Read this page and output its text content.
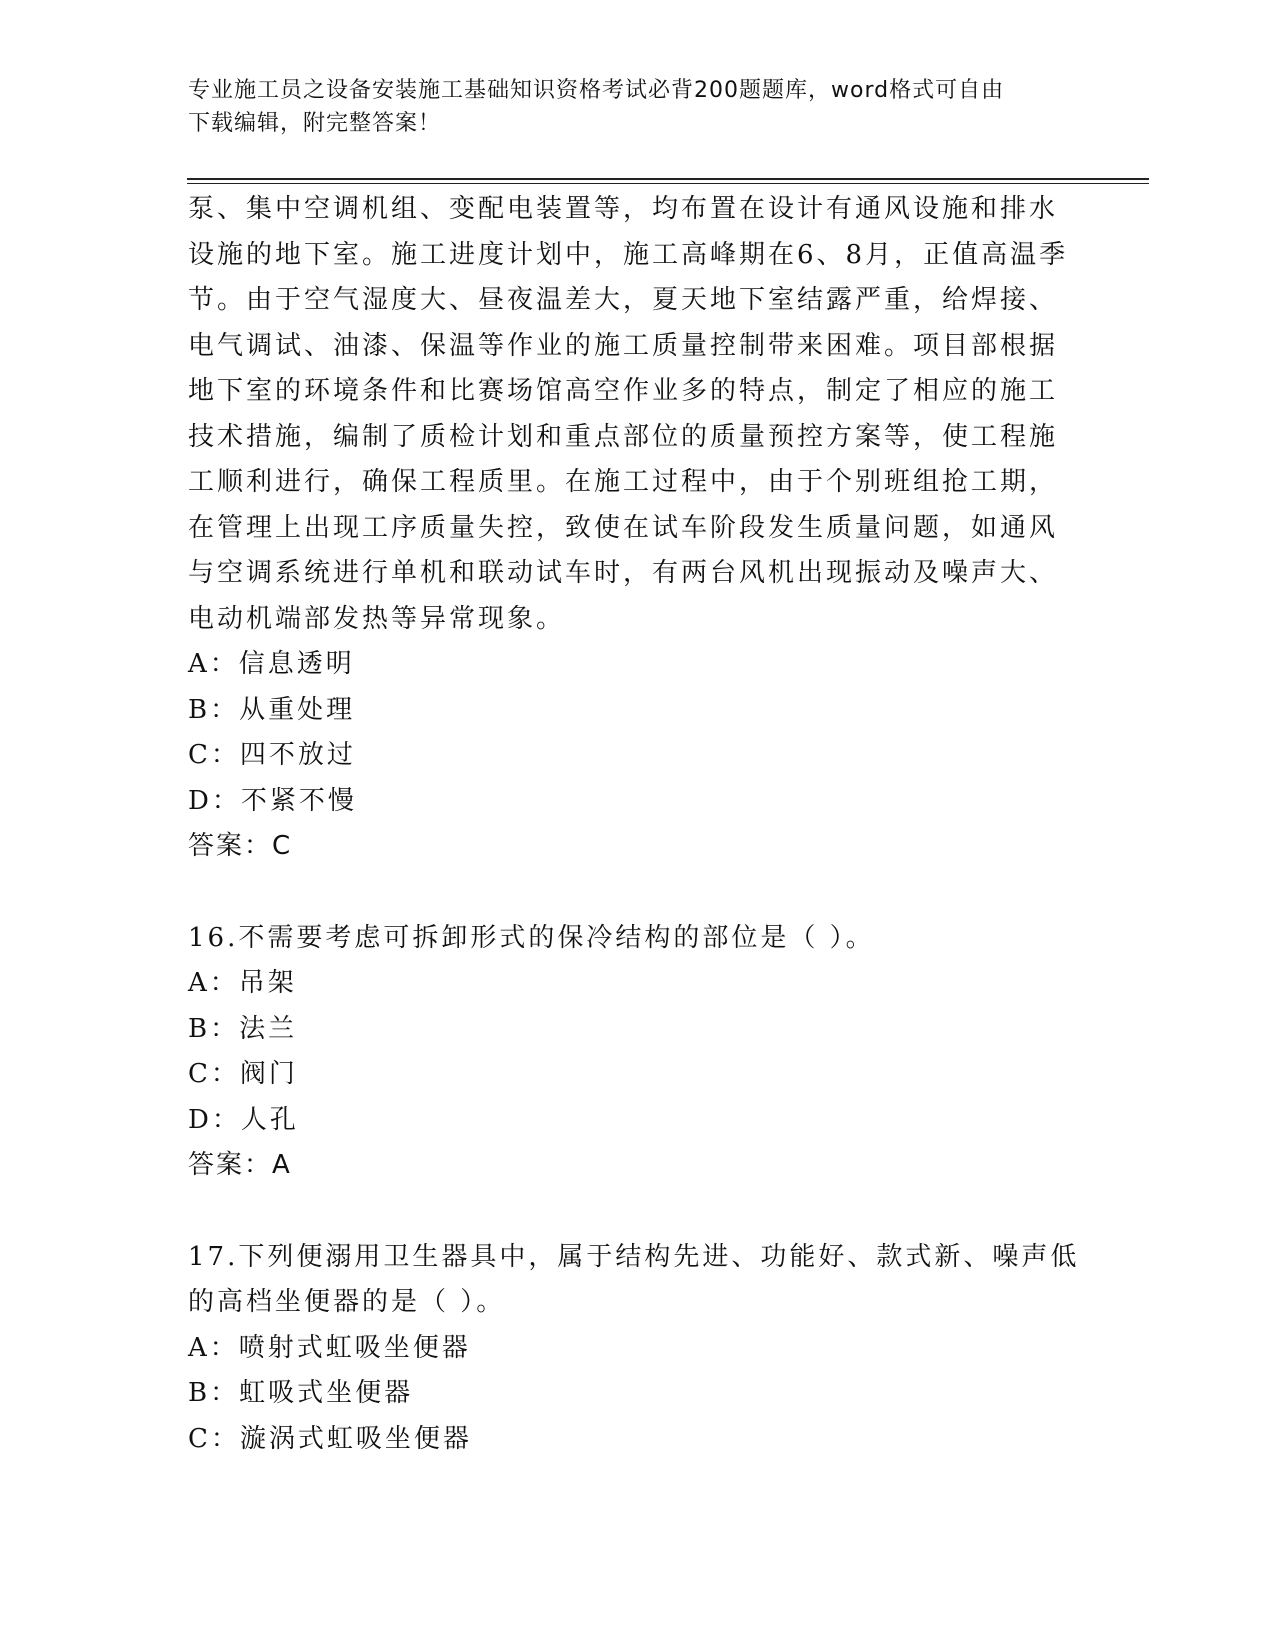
专业施工员之设备安装施工基础知识资格考试必背200题题库，word格式可自由
下载编辑，附完整答案！
泵、集中空调机组、变配电装置等，均布置在设计有通风设施和排水
设施的地下室。施工进度计划中，施工高峰期在6、8月，正值高温季
节。由于空气湿度大、昼夜温差大，夏天地下室结露严重，给焊接、
电气调试、油漆、保温等作业的施工质量控制带来困难。项目部根据
地下室的环境条件和比赛场馆高空作业多的特点，制定了相应的施工
技术措施，编制了质检计划和重点部位的质量预控方案等，使工程施
工顺利进行，确保工程质里。在施工过程中，由于个别班组抢工期，
在管理上出现工序质量失控，致使在试车阶段发生质量问题，如通风
与空调系统进行单机和联动试车时，有两台风机出现振动及噪声大、
电动机端部发热等异常现象。
A：信息透明
B：从重处理
C：四不放过
D：不紧不慢
答案：C
16.不需要考虑可拆卸形式的保冷结构的部位是（ ）。
A：吊架
B：法兰
C：阀门
D：人孔
答案：A
17.下列便溺用卫生器具中，属于结构先进、功能好、款式新、噪声低
的高档坐便器的是（ ）。
A：喷射式虹吸坐便器
B：虹吸式坐便器
C：漩涡式虹吸坐便器
